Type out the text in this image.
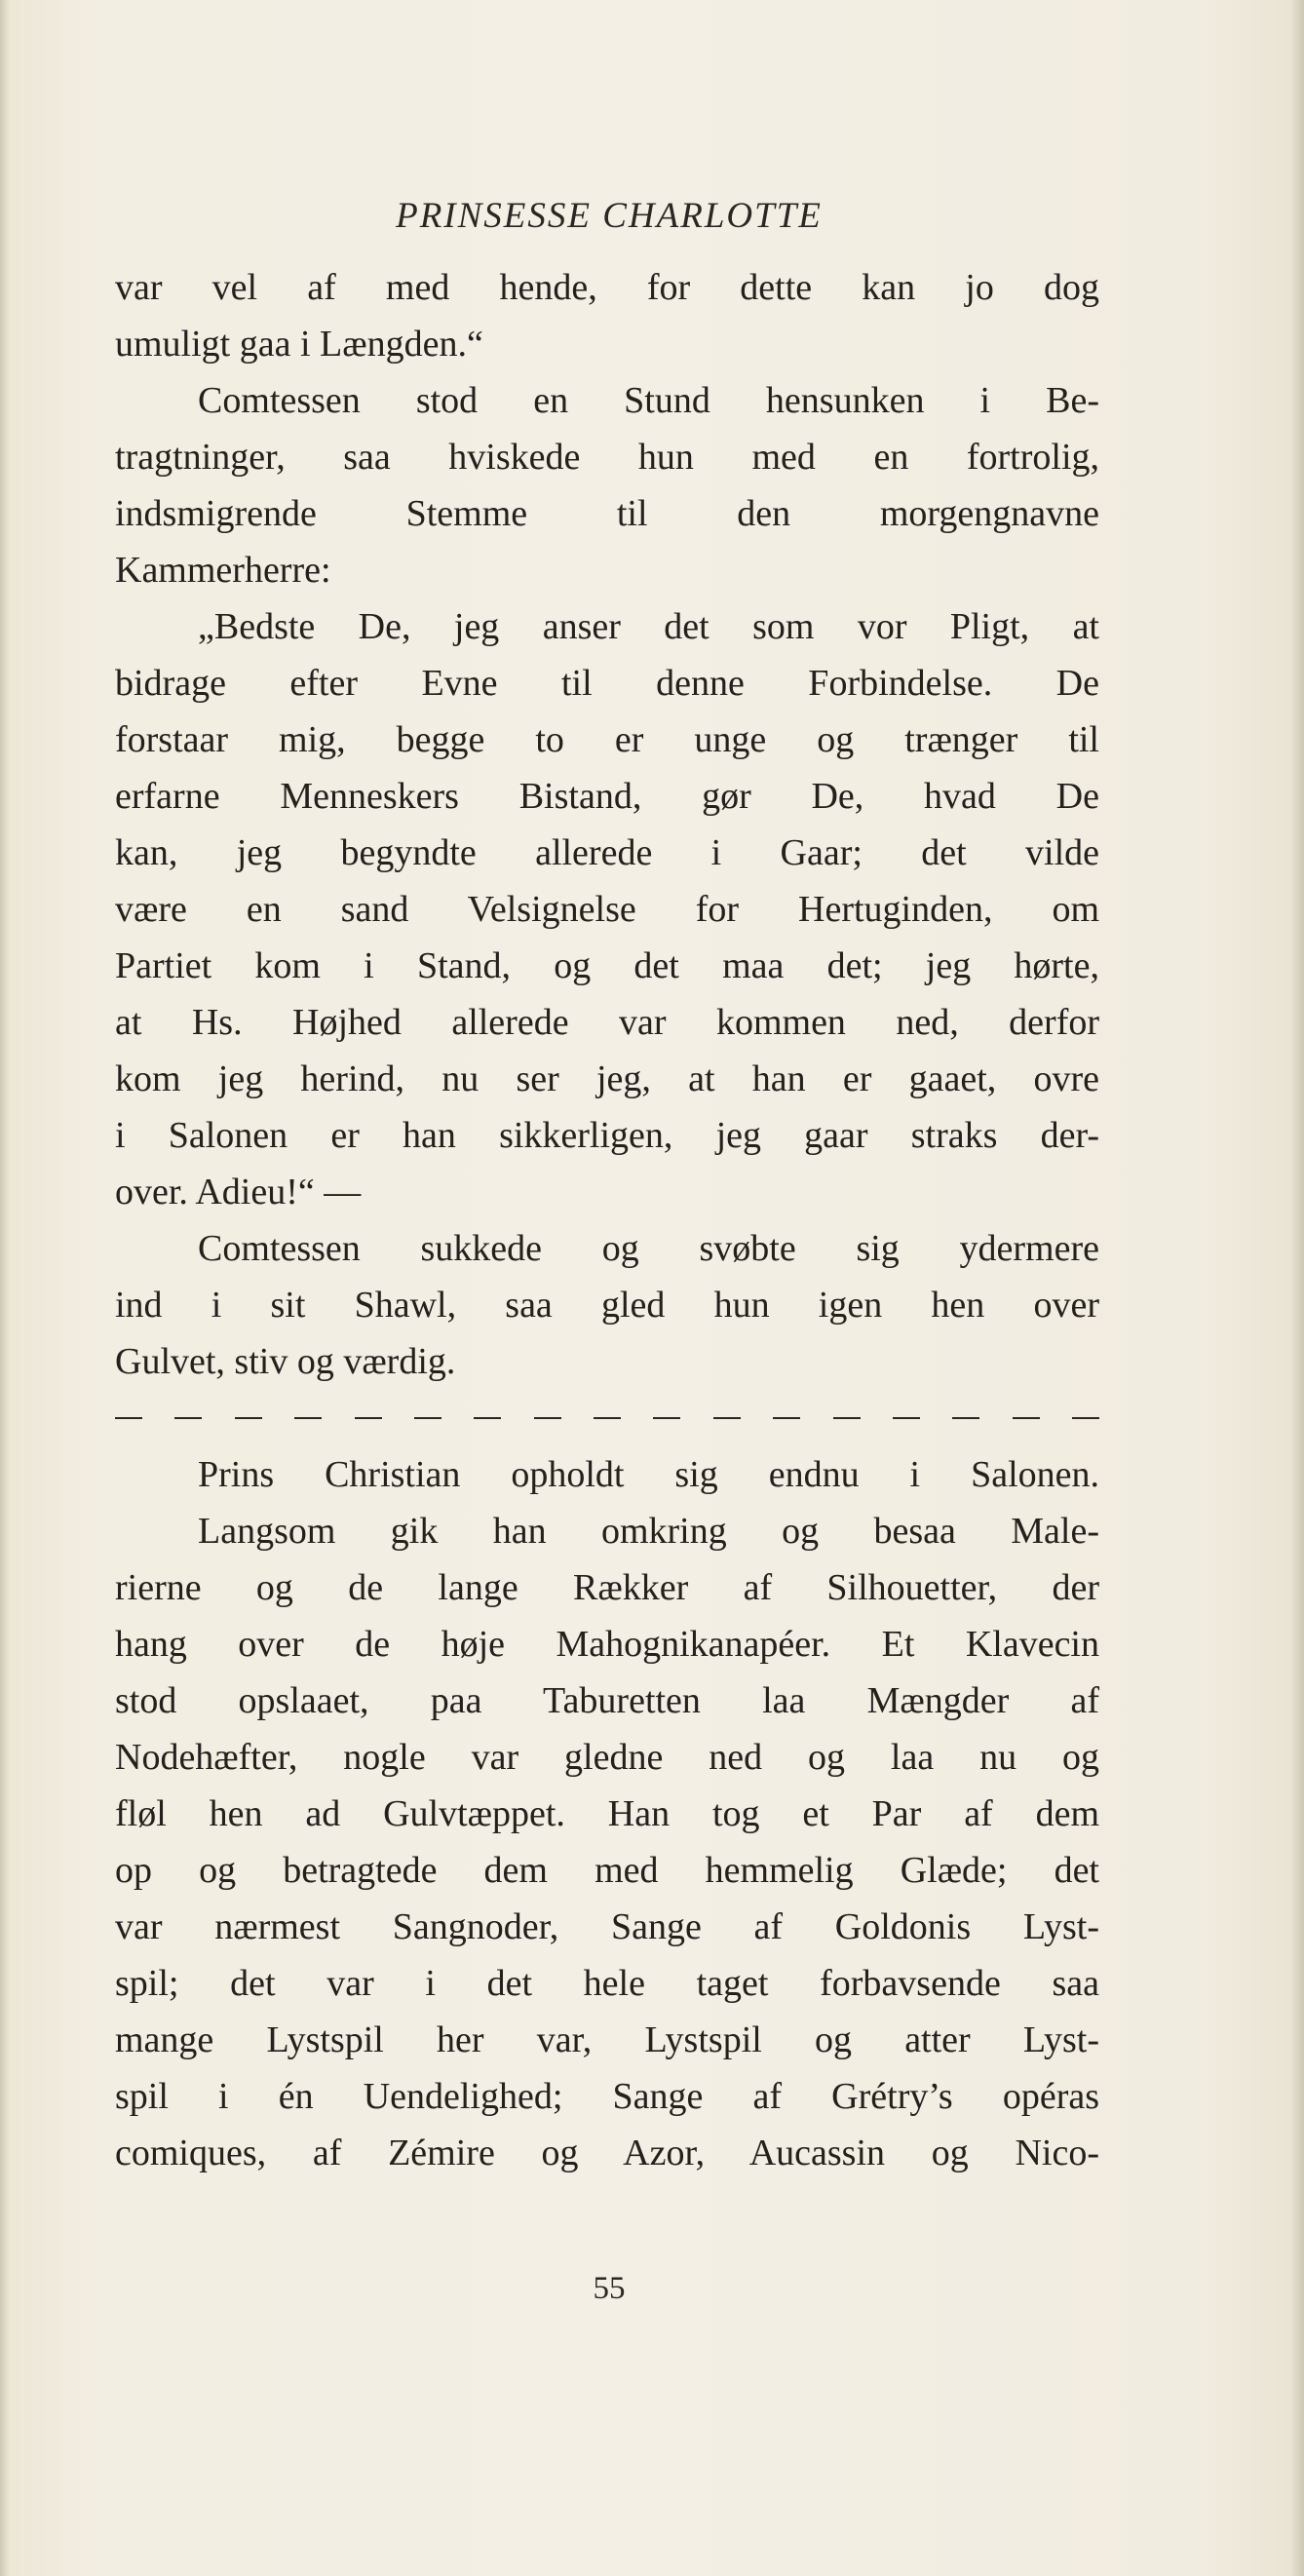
PRINSESSE CHARLOTTE
var vel af med hende, for dette kan jo dog
umuligt gaa i Længden.“
Comtessen stod en Stund hensunken i Be-
tragtninger, saa hviskede hun med en fortrolig,
indsmigrende Stemme til den morgengnavne
Kammerherre:
„Bedste De, jeg anser det som vor Pligt, at
bidrage efter Evne til denne Forbindelse. De
forstaar mig, begge to er unge og trænger til
erfarne Menneskers Bistand, gør De, hvad De
kan, jeg begyndte allerede i Gaar; det vilde
være en sand Velsignelse for Hertuginden, om
Partiet kom i Stand, og det maa det; jeg hørte,
at Hs. Højhed allerede var kommen ned, derfor
kom jeg herind, nu ser jeg, at han er gaaet, ovre
i Salonen er han sikkerligen, jeg gaar straks der-
over. Adieu!“ —
Comtessen sukkede og svøbte sig ydermere
ind i sit Shawl, saa gled hun igen hen over
Gulvet, stiv og værdig.
Prins Christian opholdt sig endnu i Salonen.
Langsom gik han omkring og besaa Male-
rierne og de lange Rækker af Silhouetter, der
hang over de høje Mahognikanapéer. Et Klavecin
stod opslaaet, paa Taburetten laa Mængder af
Nodehæfter, nogle var gledne ned og laa nu og
fløl hen ad Gulvtæppet. Han tog et Par af dem
op og betragtede dem med hemmelig Glæde; det
var nærmest Sangnoder, Sange af Goldonis Lyst-
spil; det var i det hele taget forbavsende saa
mange Lystspil her var, Lystspil og atter Lyst-
spil i én Uendelighed; Sange af Grétry’s opéras
comiques, af Zémire og Azor, Aucassin og Nico-
55
